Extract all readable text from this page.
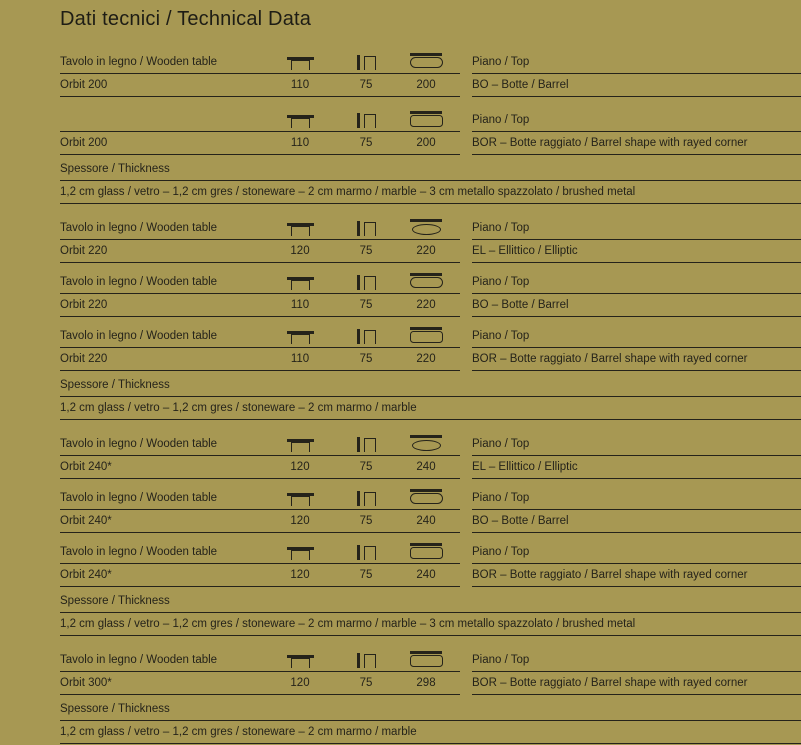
Dati tecnici / Technical Data
Tavolo in legno / Wooden table	Piano / Top
Orbit 200	110	75	200	BO – Botte / Barrel
Piano / Top
Orbit 200	110	75	200	BOR – Botte raggiato / Barrel shape with rayed corner
Spessore / Thickness
1,2 cm glass / vetro – 1,2 cm gres / stoneware – 2 cm marmo / marble – 3 cm metallo spazzolato / brushed metal
Tavolo in legno / Wooden table	Piano / Top
Orbit 220	120	75	220	EL – Ellittico / Elliptic
Tavolo in legno / Wooden table	Piano / Top
Orbit 220	110	75	220	BO – Botte / Barrel
Tavolo in legno / Wooden table	Piano / Top
Orbit 220	110	75	220	BOR – Botte raggiato / Barrel shape with rayed corner
Spessore / Thickness
1,2 cm glass / vetro – 1,2 cm gres / stoneware – 2 cm marmo / marble
Tavolo in legno / Wooden table	Piano / Top
Orbit 240*	120	75	240	EL – Ellittico / Elliptic
Tavolo in legno / Wooden table	Piano / Top
Orbit 240*	120	75	240	BO – Botte / Barrel
Tavolo in legno / Wooden table	Piano / Top
Orbit 240*	120	75	240	BOR – Botte raggiato / Barrel shape with rayed corner
Spessore / Thickness
1,2 cm glass / vetro – 1,2 cm gres / stoneware – 2 cm marmo / marble – 3 cm metallo spazzolato / brushed metal
Tavolo in legno / Wooden table	Piano / Top
Orbit 300*	120	75	298	BOR – Botte raggiato / Barrel shape with rayed corner
Spessore / Thickness
1,2 cm glass / vetro – 1,2 cm gres / stoneware – 2 cm marmo / marble
